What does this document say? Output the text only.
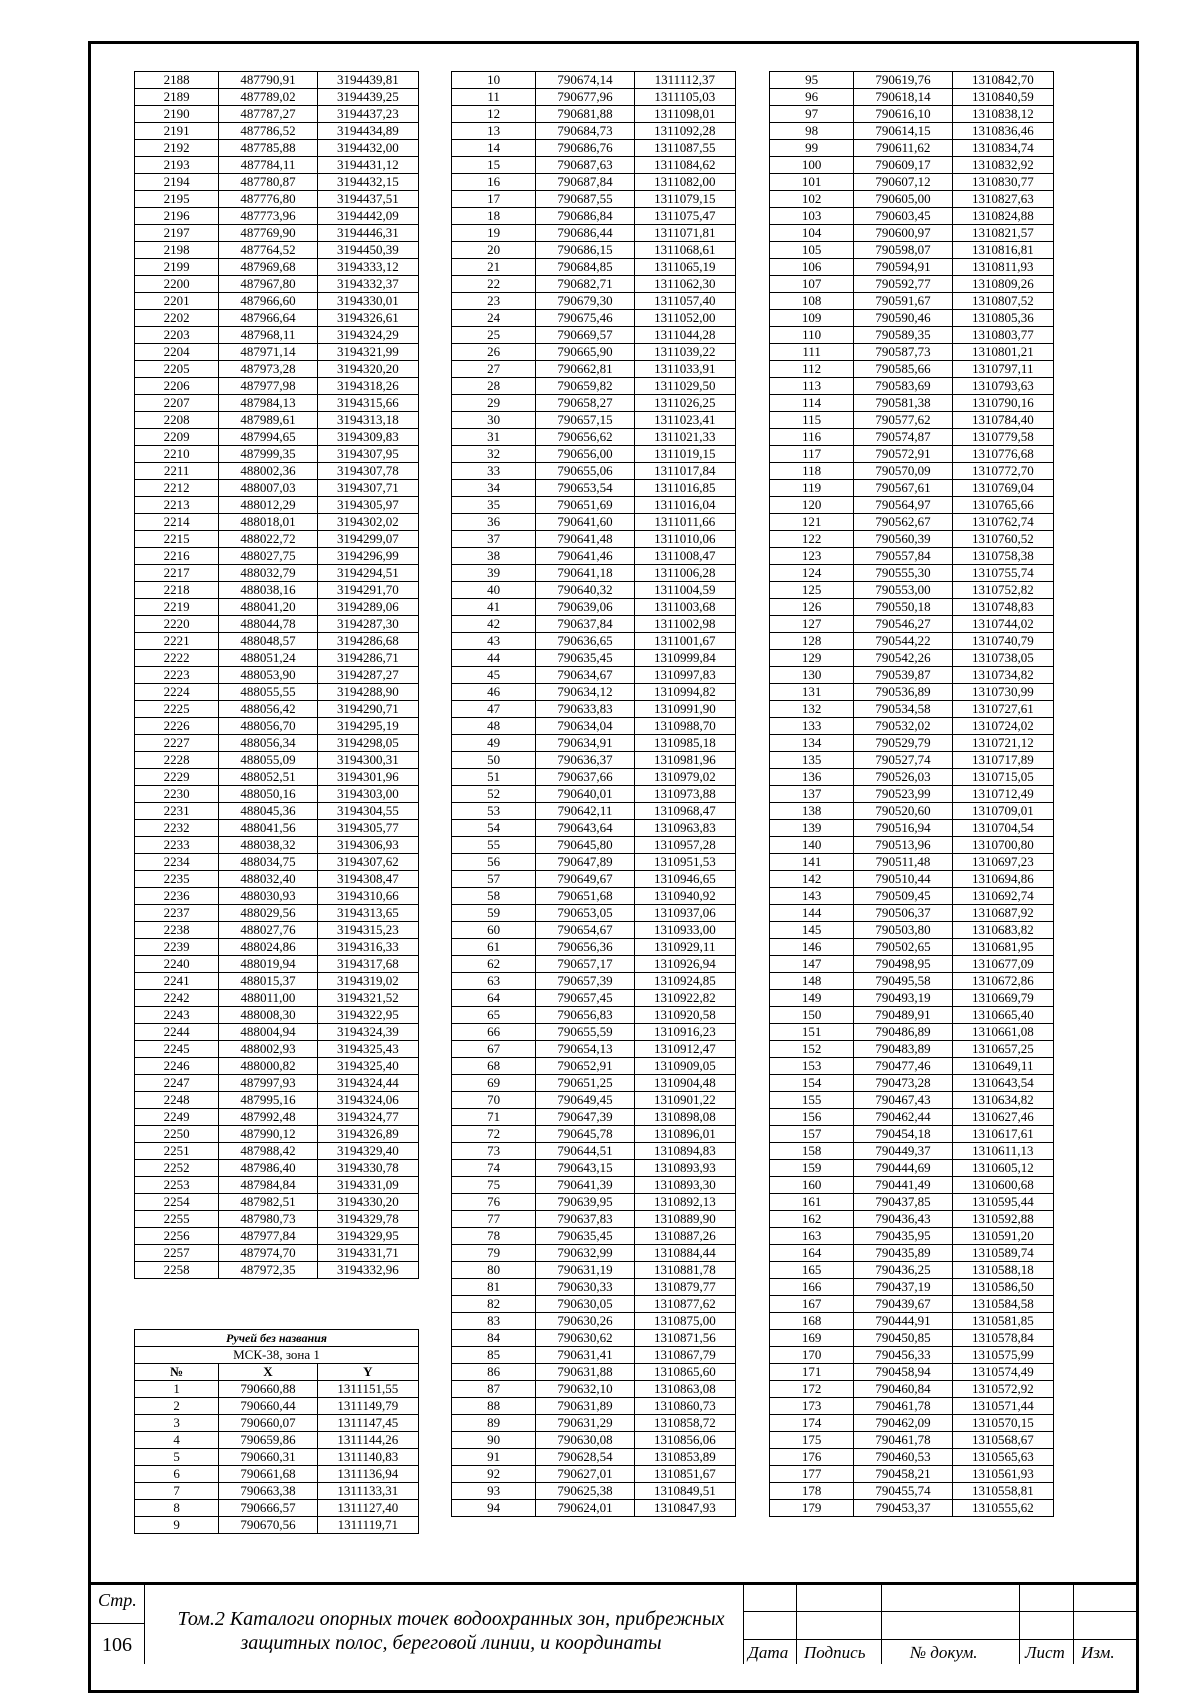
2188	487790,91	3194439,81
2189	487789,02	3194439,25
2190	487787,27	3194437,23
2191	487786,52	3194434,89
2192	487785,88	3194432,00
2193	487784,11	3194431,12
2194	487780,87	3194432,15
2195	487776,80	3194437,51
2196	487773,96	3194442,09
2197	487769,90	3194446,31
2198	487764,52	3194450,39
2199	487969,68	3194333,12
2200	487967,80	3194332,37
2201	487966,60	3194330,01
2202	487966,64	3194326,61
2203	487968,11	3194324,29
2204	487971,14	3194321,99
2205	487973,28	3194320,20
2206	487977,98	3194318,26
2207	487984,13	3194315,66
2208	487989,61	3194313,18
2209	487994,65	3194309,83
2210	487999,35	3194307,95
2211	488002,36	3194307,78
2212	488007,03	3194307,71
2213	488012,29	3194305,97
2214	488018,01	3194302,02
2215	488022,72	3194299,07
2216	488027,75	3194296,99
2217	488032,79	3194294,51
2218	488038,16	3194291,70
2219	488041,20	3194289,06
2220	488044,78	3194287,30
2221	488048,57	3194286,68
2222	488051,24	3194286,71
2223	488053,90	3194287,27
2224	488055,55	3194288,90
2225	488056,42	3194290,71
2226	488056,70	3194295,19
2227	488056,34	3194298,05
2228	488055,09	3194300,31
2229	488052,51	3194301,96
2230	488050,16	3194303,00
2231	488045,36	3194304,55
2232	488041,56	3194305,77
2233	488038,32	3194306,93
2234	488034,75	3194307,62
2235	488032,40	3194308,47
2236	488030,93	3194310,66
2237	488029,56	3194313,65
2238	488027,76	3194315,23
2239	488024,86	3194316,33
2240	488019,94	3194317,68
2241	488015,37	3194319,02
2242	488011,00	3194321,52
2243	488008,30	3194322,95
2244	488004,94	3194324,39
2245	488002,93	3194325,43
2246	488000,82	3194325,40
2247	487997,93	3194324,44
2248	487995,16	3194324,06
2249	487992,48	3194324,77
2250	487990,12	3194326,89
2251	487988,42	3194329,40
2252	487986,40	3194330,78
2253	487984,84	3194331,09
2254	487982,51	3194330,20
2255	487980,73	3194329,78
2256	487977,84	3194329,95
2257	487974,70	3194331,71
2258	487972,35	3194332,96
Ручей без названия		
МСК-38, зона 1		
№	X	Y
1	790660,88	1311151,55
2	790660,44	1311149,79
3	790660,07	1311147,45
4	790659,86	1311144,26
5	790660,31	1311140,83
6	790661,68	1311136,94
7	790663,38	1311133,31
8	790666,57	1311127,40
9	790670,56	1311119,71
10	790674,14	1311112,37
11	790677,96	1311105,03
12	790681,88	1311098,01
13	790684,73	1311092,28
14	790686,76	1311087,55
15	790687,63	1311084,62
16	790687,84	1311082,00
17	790687,55	1311079,15
18	790686,84	1311075,47
19	790686,44	1311071,81
20	790686,15	1311068,61
21	790684,85	1311065,19
22	790682,71	1311062,30
23	790679,30	1311057,40
24	790675,46	1311052,00
25	790669,57	1311044,28
26	790665,90	1311039,22
27	790662,81	1311033,91
28	790659,82	1311029,50
29	790658,27	1311026,25
30	790657,15	1311023,41
31	790656,62	1311021,33
32	790656,00	1311019,15
33	790655,06	1311017,84
34	790653,54	1311016,85
35	790651,69	1311016,04
36	790641,60	1311011,66
37	790641,48	1311010,06
38	790641,46	1311008,47
39	790641,18	1311006,28
40	790640,32	1311004,59
41	790639,06	1311003,68
42	790637,84	1311002,98
43	790636,65	1311001,67
44	790635,45	1310999,84
45	790634,67	1310997,83
46	790634,12	1310994,82
47	790633,83	1310991,90
48	790634,04	1310988,70
49	790634,91	1310985,18
50	790636,37	1310981,96
51	790637,66	1310979,02
52	790640,01	1310973,88
53	790642,11	1310968,47
54	790643,64	1310963,83
55	790645,80	1310957,28
56	790647,89	1310951,53
57	790649,67	1310946,65
58	790651,68	1310940,92
59	790653,05	1310937,06
60	790654,67	1310933,00
61	790656,36	1310929,11
62	790657,17	1310926,94
63	790657,39	1310924,85
64	790657,45	1310922,82
65	790656,83	1310920,58
66	790655,59	1310916,23
67	790654,13	1310912,47
68	790652,91	1310909,05
69	790651,25	1310904,48
70	790649,45	1310901,22
71	790647,39	1310898,08
72	790645,78	1310896,01
73	790644,51	1310894,83
74	790643,15	1310893,93
75	790641,39	1310893,30
76	790639,95	1310892,13
77	790637,83	1310889,90
78	790635,45	1310887,26
79	790632,99	1310884,44
80	790631,19	1310881,78
81	790630,33	1310879,77
82	790630,05	1310877,62
83	790630,26	1310875,00
84	790630,62	1310871,56
85	790631,41	1310867,79
86	790631,88	1310865,60
87	790632,10	1310863,08
88	790631,89	1310860,73
89	790631,29	1310858,72
90	790630,08	1310856,06
91	790628,54	1310853,89
92	790627,01	1310851,67
93	790625,38	1310849,51
94	790624,01	1310847,93
95	790619,76	1310842,70
96	790618,14	1310840,59
97	790616,10	1310838,12
98	790614,15	1310836,46
99	790611,62	1310834,74
100	790609,17	1310832,92
101	790607,12	1310830,77
102	790605,00	1310827,63
103	790603,45	1310824,88
104	790600,97	1310821,57
105	790598,07	1310816,81
106	790594,91	1310811,93
107	790592,77	1310809,26
108	790591,67	1310807,52
109	790590,46	1310805,36
110	790589,35	1310803,77
111	790587,73	1310801,21
112	790585,66	1310797,11
113	790583,69	1310793,63
114	790581,38	1310790,16
115	790577,62	1310784,40
116	790574,87	1310779,58
117	790572,91	1310776,68
118	790570,09	1310772,70
119	790567,61	1310769,04
120	790564,97	1310765,66
121	790562,67	1310762,74
122	790560,39	1310760,52
123	790557,84	1310758,38
124	790555,30	1310755,74
125	790553,00	1310752,82
126	790550,18	1310748,83
127	790546,27	1310744,02
128	790544,22	1310740,79
129	790542,26	1310738,05
130	790539,87	1310734,82
131	790536,89	1310730,99
132	790534,58	1310727,61
133	790532,02	1310724,02
134	790529,79	1310721,12
135	790527,74	1310717,89
136	790526,03	1310715,05
137	790523,99	1310712,49
138	790520,60	1310709,01
139	790516,94	1310704,54
140	790513,96	1310700,80
141	790511,48	1310697,23
142	790510,44	1310694,86
143	790509,45	1310692,74
144	790506,37	1310687,92
145	790503,80	1310683,82
146	790502,65	1310681,95
147	790498,95	1310677,09
148	790495,58	1310672,86
149	790493,19	1310669,79
150	790489,91	1310665,40
151	790486,89	1310661,08
152	790483,89	1310657,25
153	790477,46	1310649,11
154	790473,28	1310643,54
155	790467,43	1310634,82
156	790462,44	1310627,46
157	790454,18	1310617,61
158	790449,37	1310611,13
159	790444,69	1310605,12
160	790441,49	1310600,68
161	790437,85	1310595,44
162	790436,43	1310592,88
163	790435,95	1310591,20
164	790435,89	1310589,74
165	790436,25	1310588,18
166	790437,19	1310586,50
167	790439,67	1310584,58
168	790444,91	1310581,85
169	790450,85	1310578,84
170	790456,33	1310575,99
171	790458,94	1310574,49
172	790460,84	1310572,92
173	790461,78	1310571,44
174	790462,09	1310570,15
175	790461,78	1310568,67
176	790460,53	1310565,63
177	790458,21	1310561,93
178	790455,74	1310558,81
179	790453,37	1310555,62
Стр.
106
Том.2 Каталоги опорных точек водоохранных зон, прибрежных
защитных полос, береговой линии, и координаты	Дата Подпись	№ докум.	Лист Изм.
